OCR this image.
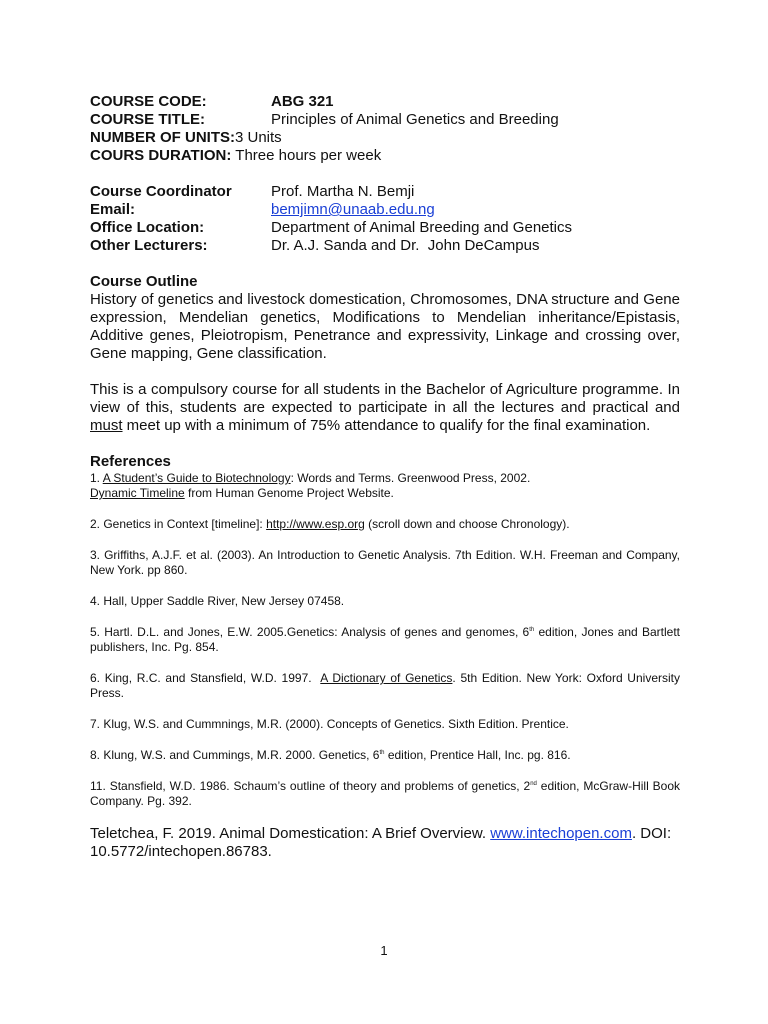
COURSE CODE:	ABG 321
COURSE TITLE:	Principles of Animal Genetics and Breeding
NUMBER OF UNITS: 3 Units
COURS DURATION: Three hours per week
Course Coordinator	Prof. Martha N. Bemji
Email:	bemjimn@unaab.edu.ng
Office Location:	Department of Animal Breeding and Genetics
Other Lecturers:	Dr. A.J. Sanda and Dr.  John DeCampus
Course Outline

History of genetics and livestock domestication, Chromosomes, DNA structure and Gene expression, Mendelian genetics, Modifications to Mendelian inheritance/Epistasis, Additive genes, Pleiotropism, Penetrance and expressivity, Linkage and crossing over, Gene mapping, Gene classification.

This is a compulsory course for all students in the Bachelor of Agriculture programme. In view of this, students are expected to participate in all the lectures and practical and must meet up with a minimum of 75% attendance to qualify for the final examination.

References

1. A Student’s Guide to Biotechnology: Words and Terms. Greenwood Press, 2002.

Dynamic Timeline from Human Genome Project Website.

2. Genetics in Context [timeline]: http://www.esp.org (scroll down and choose Chronology).

3. Griffiths, A.J.F. et al. (2003). An Introduction to Genetic Analysis. 7th Edition. W.H. Freeman and Company, New York. pp 860.

4. Hall, Upper Saddle River, New Jersey 07458.

5. Hartl. D.L. and Jones, E.W. 2005.Genetics: Analysis of genes and genomes, 6th edition, Jones and Bartlett publishers, Inc. Pg. 854.

6. King, R.C. and Stansfield, W.D. 1997.  A Dictionary of Genetics. 5th Edition. New York: Oxford University Press.

7. Klug, W.S. and Cummnings, M.R. (2000). Concepts of Genetics. Sixth Edition. Prentice.

8. Klung, W.S. and Cummings, M.R. 2000. Genetics, 6th edition, Prentice Hall, Inc. pg. 816.

11. Stansfield, W.D. 1986. Schaum’s outline of theory and problems of genetics, 2nd edition, McGraw-Hill Book Company. Pg. 392.

Teletchea, F. 2019. Animal Domestication: A Brief Overview. www.intechopen.com. DOI: 10.5772/intechopen.86783.

1
